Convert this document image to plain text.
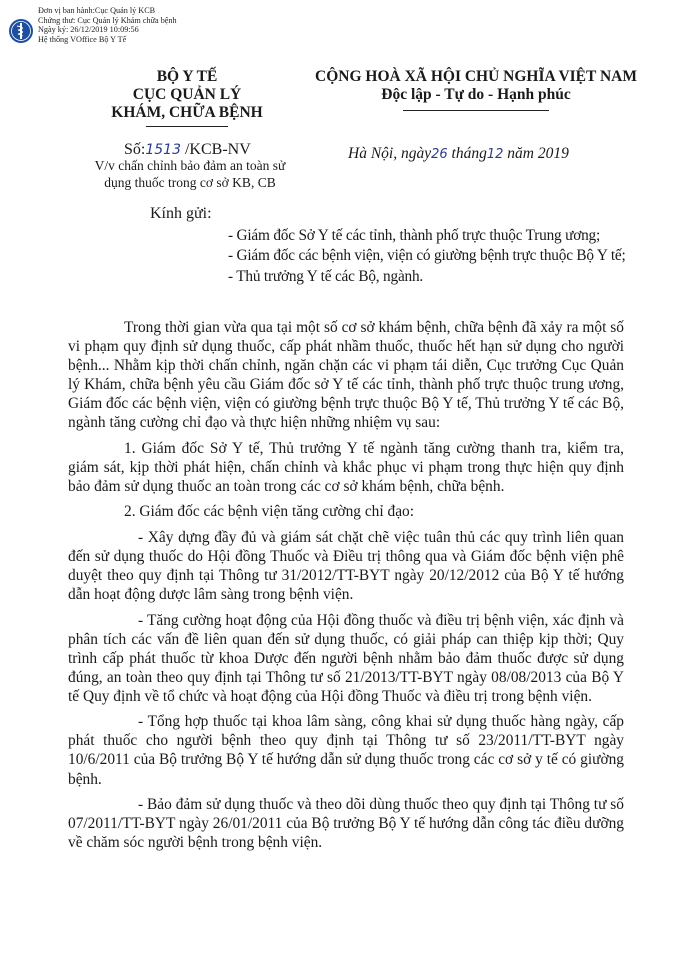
Đơn vị ban hành:Cục Quản lý KCB
Chứng thư: Cục Quản lý Khám chữa bệnh
Ngày ký: 26/12/2019 10:09:56
Hệ thống VOffice Bộ Y Tế
BỘ Y TẾ
CỤC QUẢN LÝ
KHÁM, CHỮA BỆNH
CỘNG HOÀ XÃ HỘI CHỦ NGHĨA VIỆT NAM
Độc lập - Tự do - Hạnh phúc
Số:1513 /KCB-NV
V/v chấn chỉnh bảo đảm an toàn sử
dụng thuốc trong cơ sở KB, CB
Hà Nội, ngày26 tháng12 năm 2019
Kính gửi:
- Giám đốc Sở Y tế các tỉnh, thành phố trực thuộc Trung ương;
- Giám đốc các bệnh viện, viện có giường bệnh trực thuộc Bộ Y tế;
- Thủ trưởng Y tế các Bộ, ngành.

Trong thời gian vừa qua tại một số cơ sở khám bệnh, chữa bệnh đã xảy ra một số vi phạm quy định sử dụng thuốc, cấp phát nhầm thuốc, thuốc hết hạn sử dụng cho người bệnh... Nhằm kịp thời chấn chỉnh, ngăn chặn các vi phạm tái diễn, Cục trưởng Cục Quản lý Khám, chữa bệnh yêu cầu Giám đốc sở Y tế các tỉnh, thành phố trực thuộc trung ương, Giám đốc các bệnh viện, viện có giường bệnh trực thuộc Bộ Y tế, Thủ trưởng Y tế các Bộ, ngành tăng cường chỉ đạo và thực hiện những nhiệm vụ sau:

1. Giám đốc Sở Y tế, Thủ trưởng Y tế ngành tăng cường thanh tra, kiểm tra, giám sát, kịp thời phát hiện, chấn chỉnh và khắc phục vi phạm trong thực hiện quy định bảo đảm sử dụng thuốc an toàn trong các cơ sở khám bệnh, chữa bệnh.

2. Giám đốc các bệnh viện tăng cường chỉ đạo:

- Xây dựng đầy đủ và giám sát chặt chẽ việc tuân thủ các quy trình liên quan đến sử dụng thuốc do Hội đồng Thuốc và Điều trị thông qua và Giám đốc bệnh viện phê duyệt theo quy định tại Thông tư 31/2012/TT-BYT ngày 20/12/2012 của Bộ Y tế hướng dẫn hoạt động dược lâm sàng trong bệnh viện.

- Tăng cường hoạt động của Hội đồng thuốc và điều trị bệnh viện, xác định và phân tích các vấn đề liên quan đến sử dụng thuốc, có giải pháp can thiệp kịp thời; Quy trình cấp phát thuốc từ khoa Dược đến người bệnh nhằm bảo đảm thuốc được sử dụng đúng, an toàn theo quy định tại Thông tư số 21/2013/TT-BYT ngày 08/08/2013 của Bộ Y tế Quy định về tổ chức và hoạt động của Hội đồng Thuốc và điều trị trong bệnh viện.

- Tổng hợp thuốc tại khoa lâm sàng, công khai sử dụng thuốc hàng ngày, cấp phát thuốc cho người bệnh theo quy định tại Thông tư số 23/2011/TT-BYT ngày 10/6/2011 của Bộ trưởng Bộ Y tế hướng dẫn sử dụng thuốc trong các cơ sở y tế có giường bệnh.

- Bảo đảm sử dụng thuốc và theo dõi dùng thuốc theo quy định tại Thông tư số 07/2011/TT-BYT ngày 26/01/2011 của Bộ trưởng Bộ Y tế hướng dẫn công tác điều dưỡng về chăm sóc người bệnh trong bệnh viện.
